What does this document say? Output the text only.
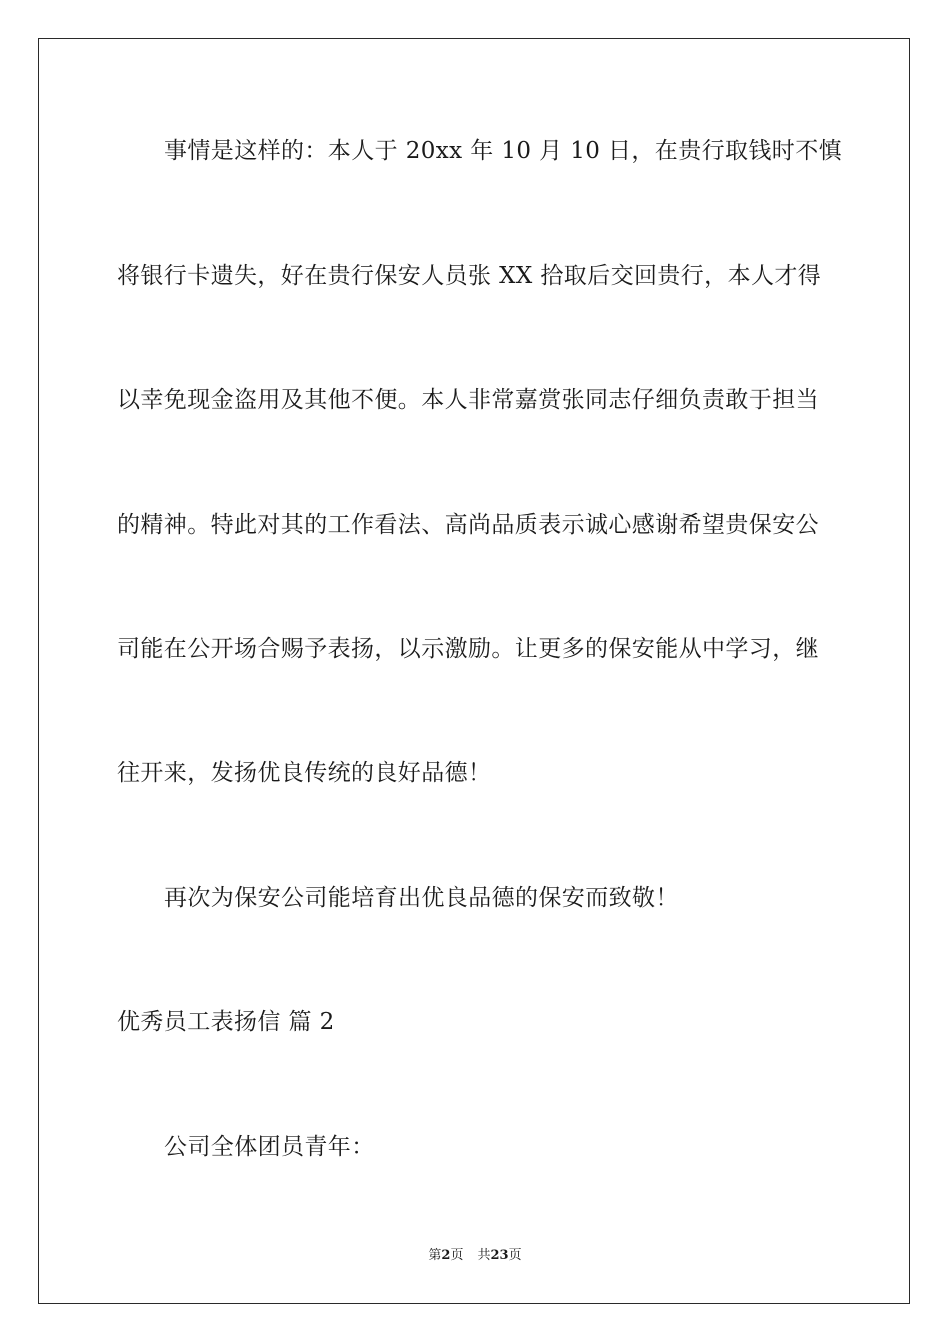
事情是这样的：本人于 20xx 年 10 月 10 日，在贵行取钱时不慎
将银行卡遗失，好在贵行保安人员张 XX 拾取后交回贵行，本人才得
以幸免现金盗用及其他不便。本人非常嘉赏张同志仔细负责敢于担当
的精神。特此对其的工作看法、高尚品质表示诚心感谢希望贵保安公
司能在公开场合赐予表扬，以示激励。让更多的保安能从中学习，继
往开来，发扬优良传统的良好品德！
再次为保安公司能培育出优良品德的保安而致敬！
优秀员工表扬信 篇 2
公司全体团员青年：
第2页 共23页
